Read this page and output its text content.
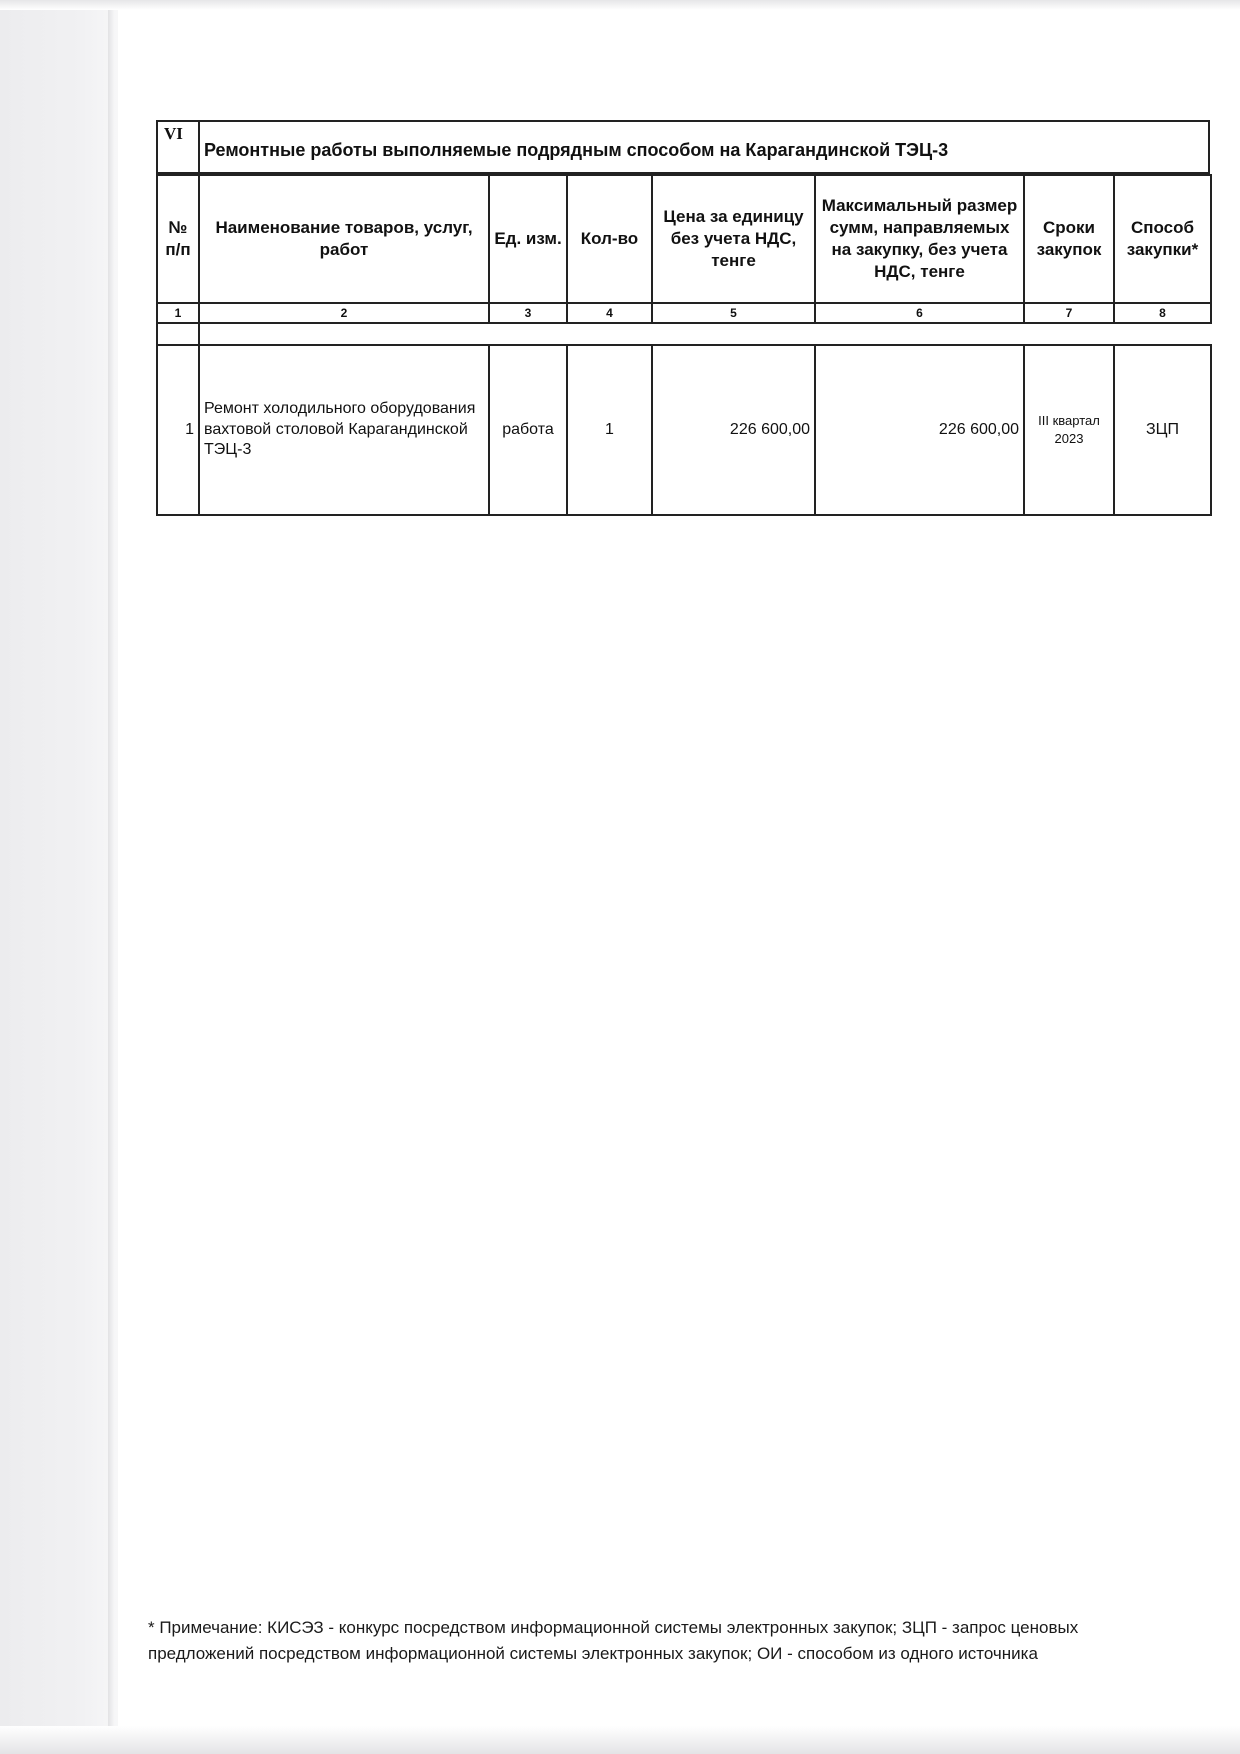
VI
Ремонтные работы выполняемые подрядным способом на Карагандинской ТЭЦ-3
№ п/п	Наименование товаров, услуг, работ	Ед. изм.	Кол-во	Цена за единицу без учета НДС, тенге	Максимальный размер сумм, направляемых на закупку, без учета НДС, тенге	Сроки закупок	Способ закупки*
1	2	3	4	5	6	7	8

1	Ремонт холодильного оборудования вахтовой столовой Карагандинской ТЭЦ-3	работа	1	226 600,00	226 600,00	III квартал 2023	ЗЦП
* Примечание: КИСЭЗ - конкурс посредством информационной системы электронных закупок; ЗЦП - запрос ценовых предложений посредством информационной системы электронных закупок; ОИ - способом из одного источника
